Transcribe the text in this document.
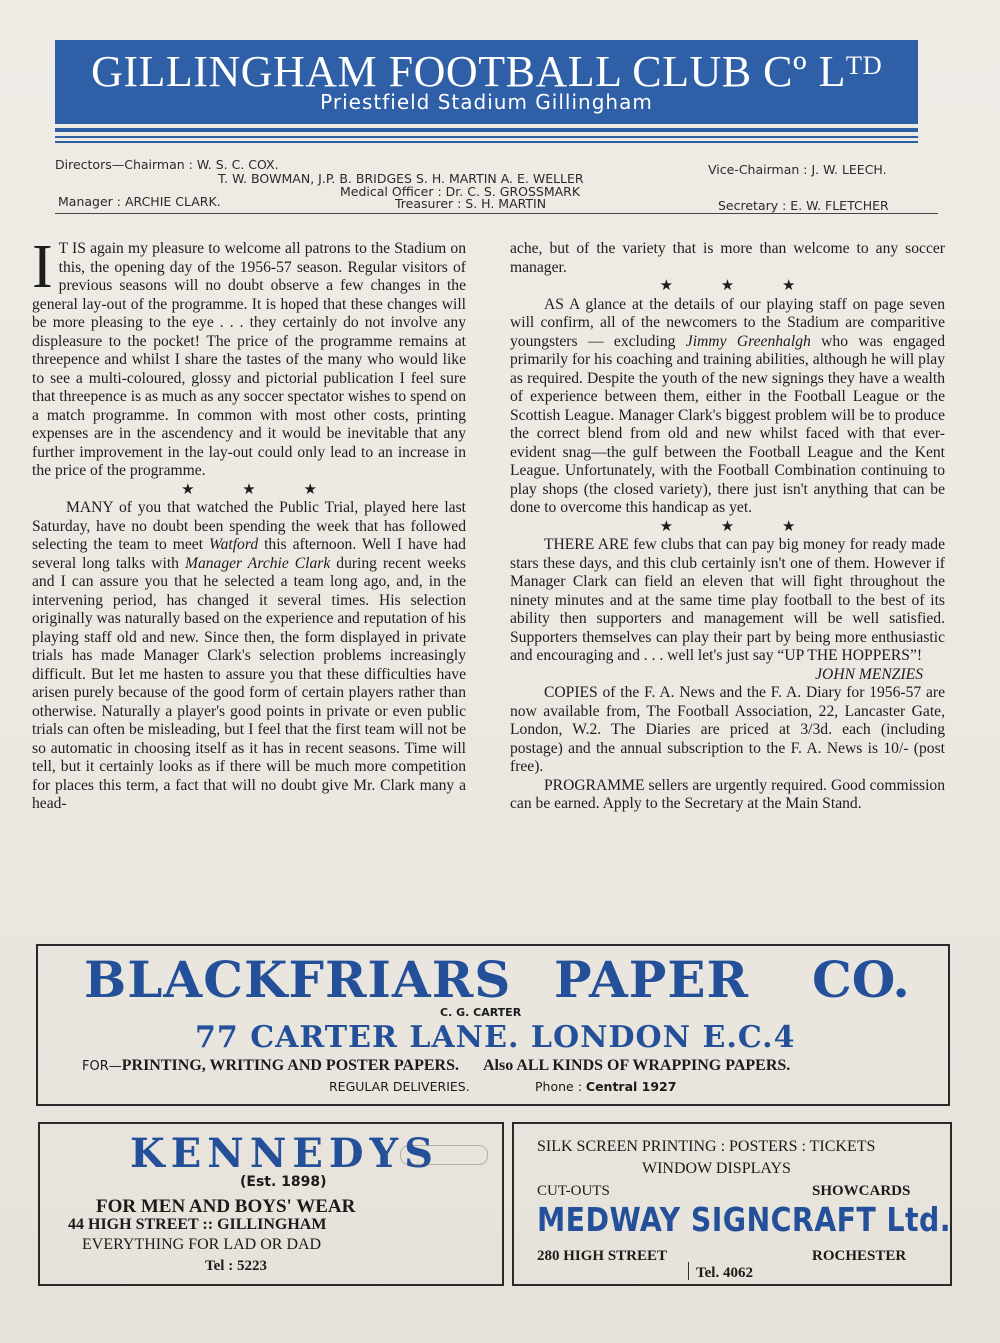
GILLINGHAM FOOTBALL CLUB Cº Lᵀᴰ
Priestfield Stadium Gillingham
Directors—Chairman : W. S. C. COX.	Vice-Chairman : J. W. LEECH.
T. W. BOWMAN, J.P. B. BRIDGES S. H. MARTIN A. E. WELLER
Medical Officer : Dr. C. S. GROSSMARK
Manager : ARCHIE CLARK.	Treasurer : S. H. MARTIN	Secretary : E. W. FLETCHER

I T IS again my pleasure to welcome all patrons to the Stadium on this, the opening day of the 1956-57 season. Regular visitors of previous seasons will no doubt observe a few changes in the general lay-out of the programme. It is hoped that these changes will be more pleasing to the eye . . . they certainly do not involve any displeasure to the pocket! The price of the programme remains at threepence and whilst I share the tastes of the many who would like to see a multi-coloured, glossy and pictorial publication I feel sure that threepence is as much as any soccer spectator wishes to spend on a match programme. In common with most other costs, printing expenses are in the ascendency and it would be inevitable that any further improvement in the lay-out could only lead to an increase in the price of the programme.

★ ★ ★

MANY of you that watched the Public Trial, played here last Saturday, have no doubt been spending the week that has followed selecting the team to meet Watford this afternoon. Well I have had several long talks with Manager Archie Clark during recent weeks and I can assure you that he selected a team long ago, and, in the intervening period, has changed it several times. His selection originally was naturally based on the experience and reputation of his playing staff old and new. Since then, the form displayed in private trials has made Manager Clark's selection problems increasingly difficult. But let me hasten to assure you that these difficulties have arisen purely because of the good form of certain players rather than otherwise. Naturally a player's good points in private or even public trials can often be misleading, but I feel that the first team will not be so automatic in choosing itself as it has in recent seasons. Time will tell, but it certainly looks as if there will be much more competition for places this term, a fact that will no doubt give Mr. Clark many a head-

ache, but of the variety that is more than welcome to any soccer manager.

★ ★ ★

AS A glance at the details of our playing staff on page seven will confirm, all of the newcomers to the Stadium are comparitive youngsters — excluding Jimmy Greenhalgh who was engaged primarily for his coaching and training abilities, although he will play as required. Despite the youth of the new signings they have a wealth of experience between them, either in the Football League or the Scottish League. Manager Clark's biggest problem will be to produce the correct blend from old and new whilst faced with that ever-evident snag—the gulf between the Football League and the Kent League. Unfortunately, with the Football Combination continuing to play shops (the closed variety), there just isn't anything that can be done to overcome this handicap as yet.

★ ★ ★

THERE ARE few clubs that can pay big money for ready made stars these days, and this club certainly isn't one of them. However if Manager Clark can field an eleven that will fight throughout the ninety minutes and at the same time play football to the best of its ability then supporters and management will be well satisfied. Supporters themselves can play their part by being more enthusiastic and encouraging and . . . well let's just say “UP THE HOPPERS”!

JOHN MENZIES

COPIES of the F. A. News and the F. A. Diary for 1956-57 are now available from, The Football Association, 22, Lancaster Gate, London, W.2. The Diaries are priced at 3/3d. each (including postage) and the annual subscription to the F. A. News is 10/- (post free).

PROGRAMME sellers are urgently required. Good commission can be earned. Apply to the Secretary at the Main Stand.

BLACKFRIARS PAPER CO.
C. G. CARTER
77 CARTER LANE. LONDON E.C.4
FOR—PRINTING, WRITING AND POSTER PAPERS. Also ALL KINDS OF WRAPPING PAPERS.
REGULAR DELIVERIES.	Phone : Central 1927
KENNEDYS
(Est. 1898)
FOR MEN AND BOYS' WEAR
44 HIGH STREET :: GILLINGHAM
EVERYTHING FOR LAD OR DAD
Tel : 5223
SILK SCREEN PRINTING : POSTERS : TICKETS
WINDOW DISPLAYS
CUT-OUTS	SHOWCARDS
MEDWAY SIGNCRAFT Ltd.
280 HIGH STREET	ROCHESTER
Tel. 4062
